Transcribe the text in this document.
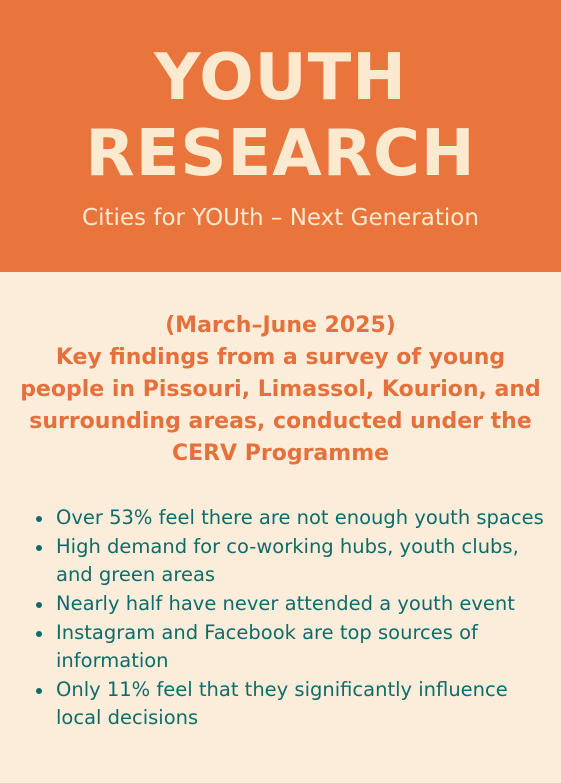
YOUTH
RESEARCH
Cities for YOUth – Next Generation
(March–June 2025)
Key findings from a survey of young people in Pissouri, Limassol, Kourion, and surrounding areas, conducted under the CERV Programme
Over 53% feel there are not enough youth spaces
High demand for co-working hubs, youth clubs, and green areas
Nearly half have never attended a youth event
Instagram and Facebook are top sources of information
Only 11% feel that they significantly influence local decisions
